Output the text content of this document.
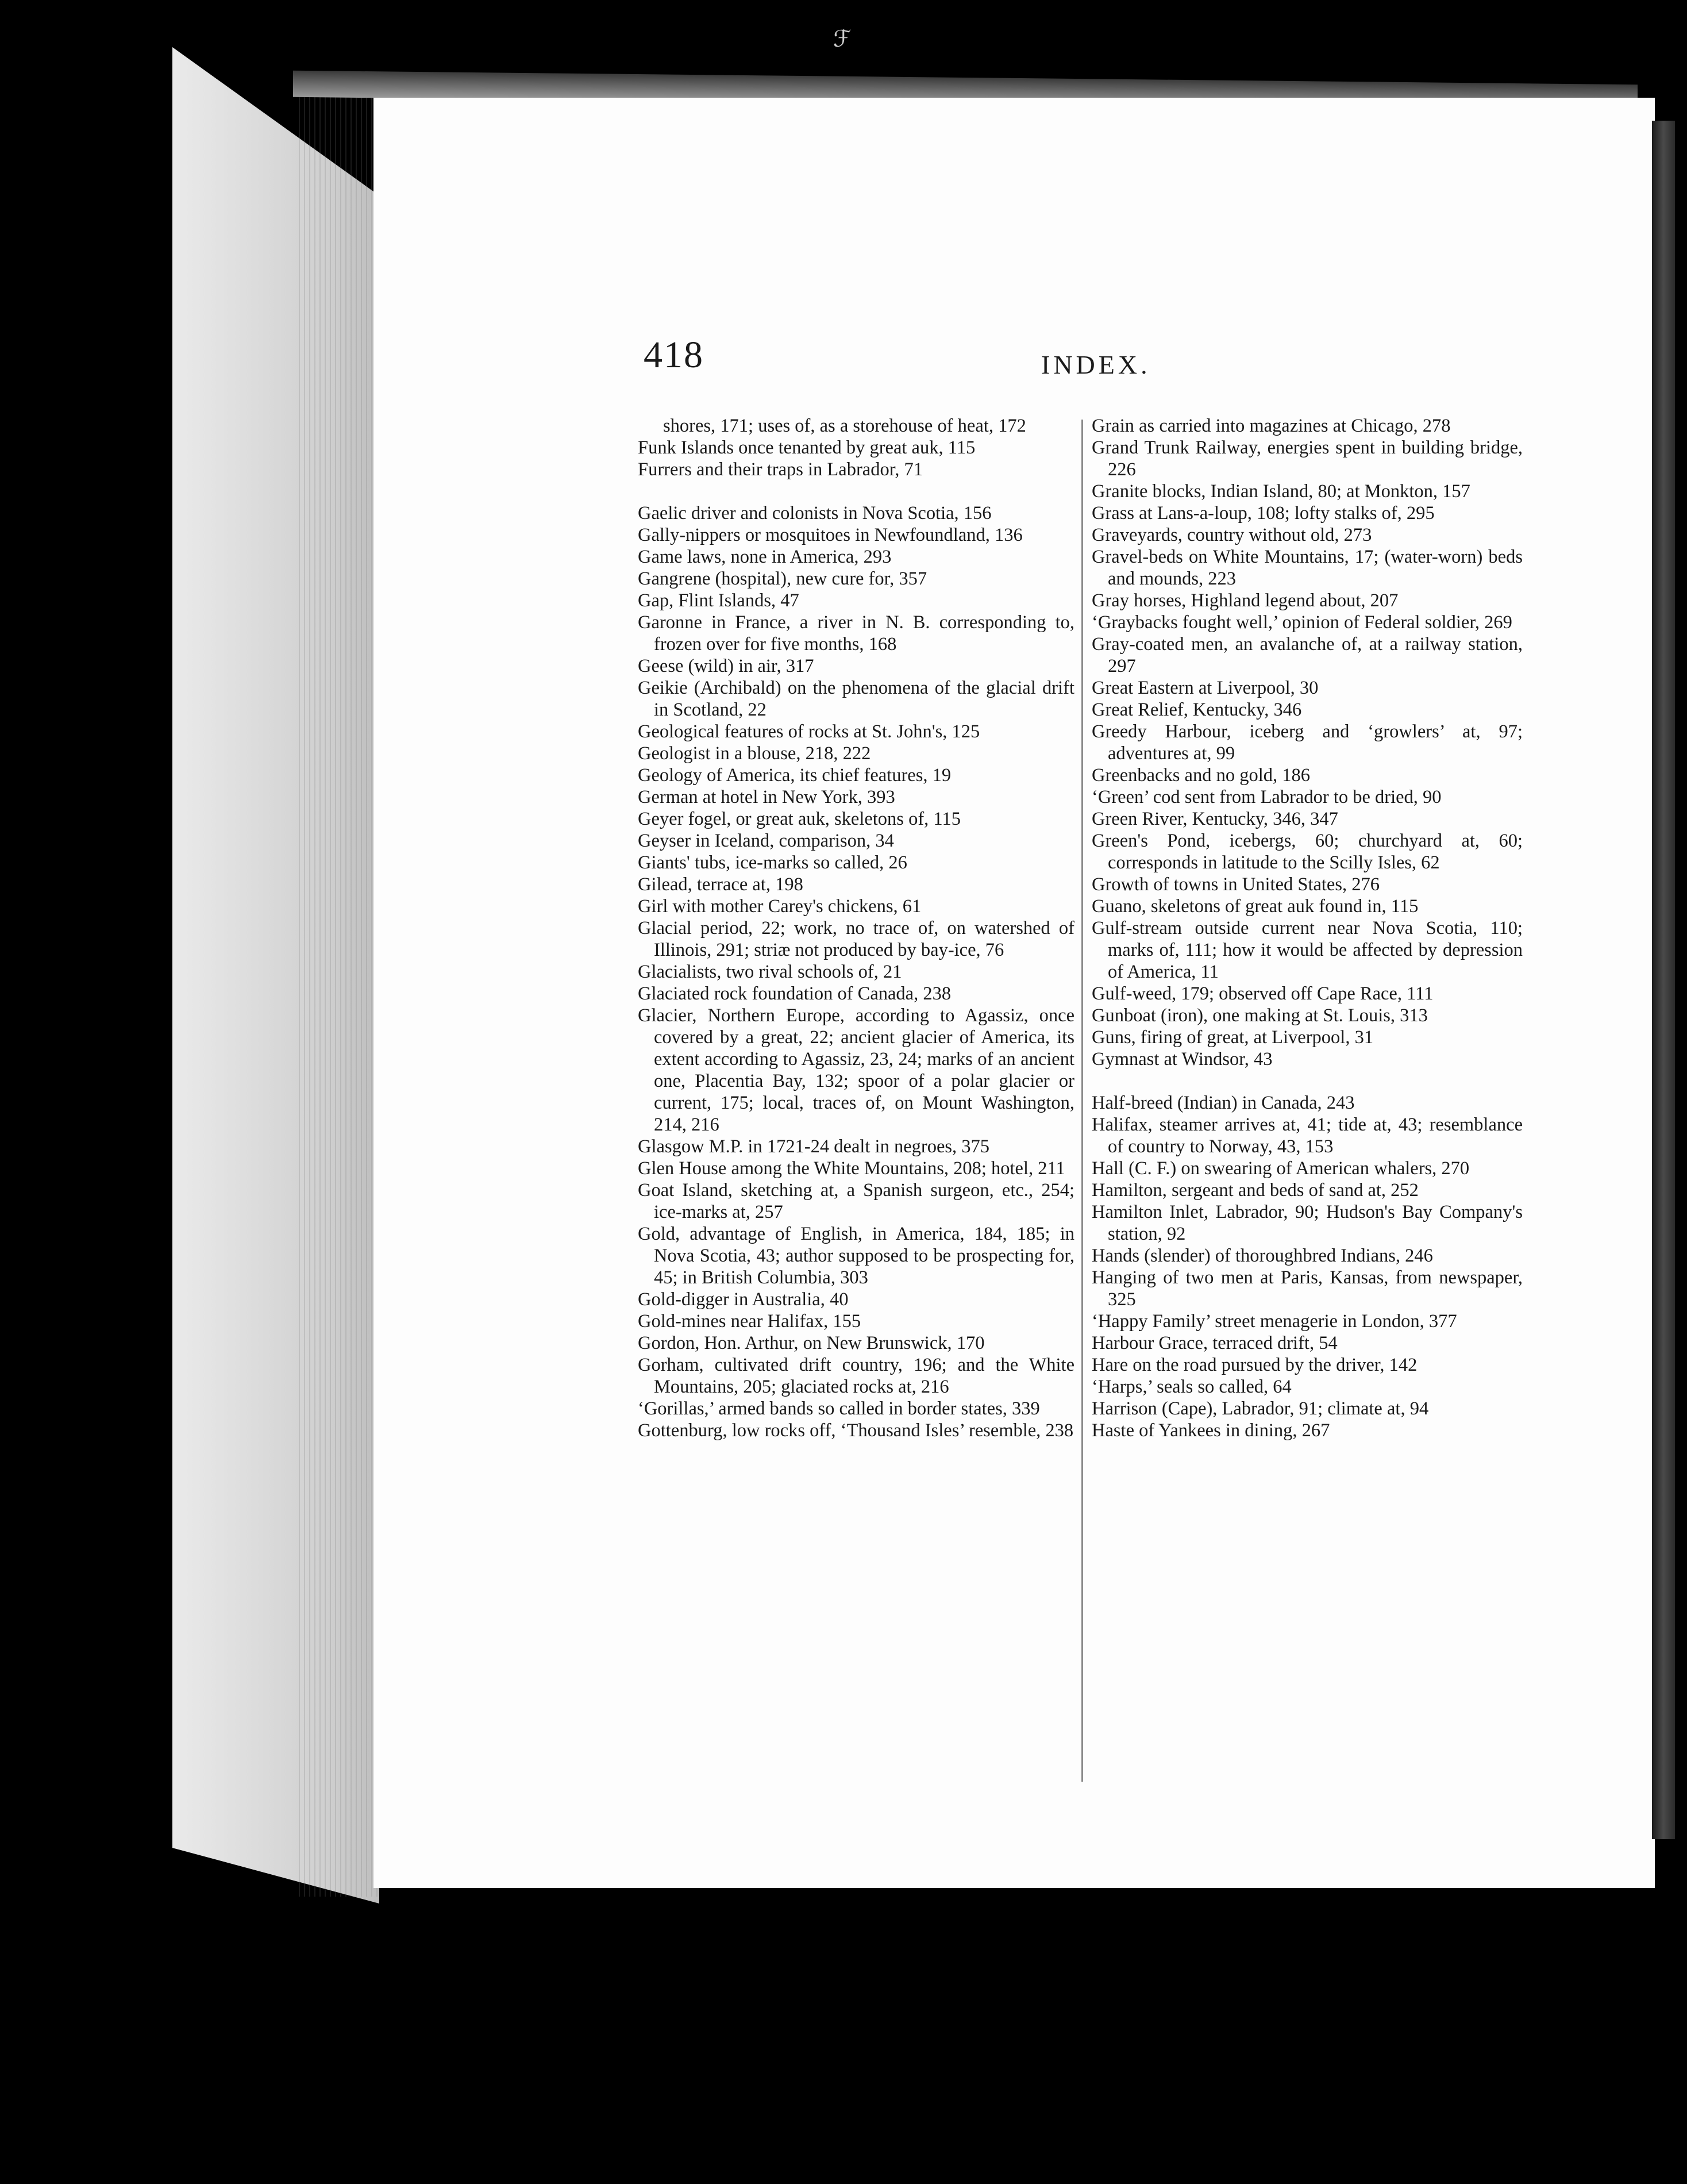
ℱ
418	INDEX.

shores, 171; uses of, as a storehouse of heat, 172

Funk Islands once tenanted by great auk, 115

Furrers and their traps in Labrador, 71

Gaelic driver and colonists in Nova Scotia, 156

Gally-nippers or mosquitoes in Newfoundland, 136

Game laws, none in America, 293

Gangrene (hospital), new cure for, 357

Gap, Flint Islands, 47

Garonne in France, a river in N. B. corresponding to, frozen over for five months, 168

Geese (wild) in air, 317

Geikie (Archibald) on the phenomena of the glacial drift in Scotland, 22

Geological features of rocks at St. John's, 125

Geologist in a blouse, 218, 222

Geology of America, its chief features, 19

German at hotel in New York, 393

Geyer fogel, or great auk, skeletons of, 115

Geyser in Iceland, comparison, 34

Giants' tubs, ice-marks so called, 26

Gilead, terrace at, 198

Girl with mother Carey's chickens, 61

Glacial period, 22; work, no trace of, on watershed of Illinois, 291; striæ not produced by bay-ice, 76

Glacialists, two rival schools of, 21

Glaciated rock foundation of Canada, 238

Glacier, Northern Europe, according to Agassiz, once covered by a great, 22; ancient glacier of America, its extent according to Agassiz, 23, 24; marks of an ancient one, Placentia Bay, 132; spoor of a polar glacier or current, 175; local, traces of, on Mount Washington, 214, 216

Glasgow M.P. in 1721-24 dealt in negroes, 375

Glen House among the White Mountains, 208; hotel, 211

Goat Island, sketching at, a Spanish surgeon, etc., 254; ice-marks at, 257

Gold, advantage of English, in America, 184, 185; in Nova Scotia, 43; author supposed to be prospecting for, 45; in British Columbia, 303

Gold-digger in Australia, 40

Gold-mines near Halifax, 155

Gordon, Hon. Arthur, on New Brunswick, 170

Gorham, cultivated drift country, 196; and the White Mountains, 205; glaciated rocks at, 216

‘Gorillas,’ armed bands so called in border states, 339

Gottenburg, low rocks off, ‘Thousand Isles’ resemble, 238

Grain as carried into magazines at Chicago, 278

Grand Trunk Railway, energies spent in building bridge, 226

Granite blocks, Indian Island, 80; at Monkton, 157

Grass at Lans-a-loup, 108; lofty stalks of, 295

Graveyards, country without old, 273

Gravel-beds on White Mountains, 17; (water-worn) beds and mounds, 223

Gray horses, Highland legend about, 207

‘Graybacks fought well,’ opinion of Federal soldier, 269

Gray-coated men, an avalanche of, at a railway station, 297

Great Eastern at Liverpool, 30

Great Relief, Kentucky, 346

Greedy Harbour, iceberg and ‘growlers’ at, 97; adventures at, 99

Greenbacks and no gold, 186

‘Green’ cod sent from Labrador to be dried, 90

Green River, Kentucky, 346, 347

Green's Pond, icebergs, 60; churchyard at, 60; corresponds in latitude to the Scilly Isles, 62

Growth of towns in United States, 276

Guano, skeletons of great auk found in, 115

Gulf-stream outside current near Nova Scotia, 110; marks of, 111; how it would be affected by depression of America, 11

Gulf-weed, 179; observed off Cape Race, 111

Gunboat (iron), one making at St. Louis, 313

Guns, firing of great, at Liverpool, 31

Gymnast at Windsor, 43

Half-breed (Indian) in Canada, 243

Halifax, steamer arrives at, 41; tide at, 43; resemblance of country to Norway, 43, 153

Hall (C. F.) on swearing of American whalers, 270

Hamilton, sergeant and beds of sand at, 252

Hamilton Inlet, Labrador, 90; Hudson's Bay Company's station, 92

Hands (slender) of thoroughbred Indians, 246

Hanging of two men at Paris, Kansas, from newspaper, 325

‘Happy Family’ street menagerie in London, 377

Harbour Grace, terraced drift, 54

Hare on the road pursued by the driver, 142

‘Harps,’ seals so called, 64

Harrison (Cape), Labrador, 91; climate at, 94

Haste of Yankees in dining, 267
